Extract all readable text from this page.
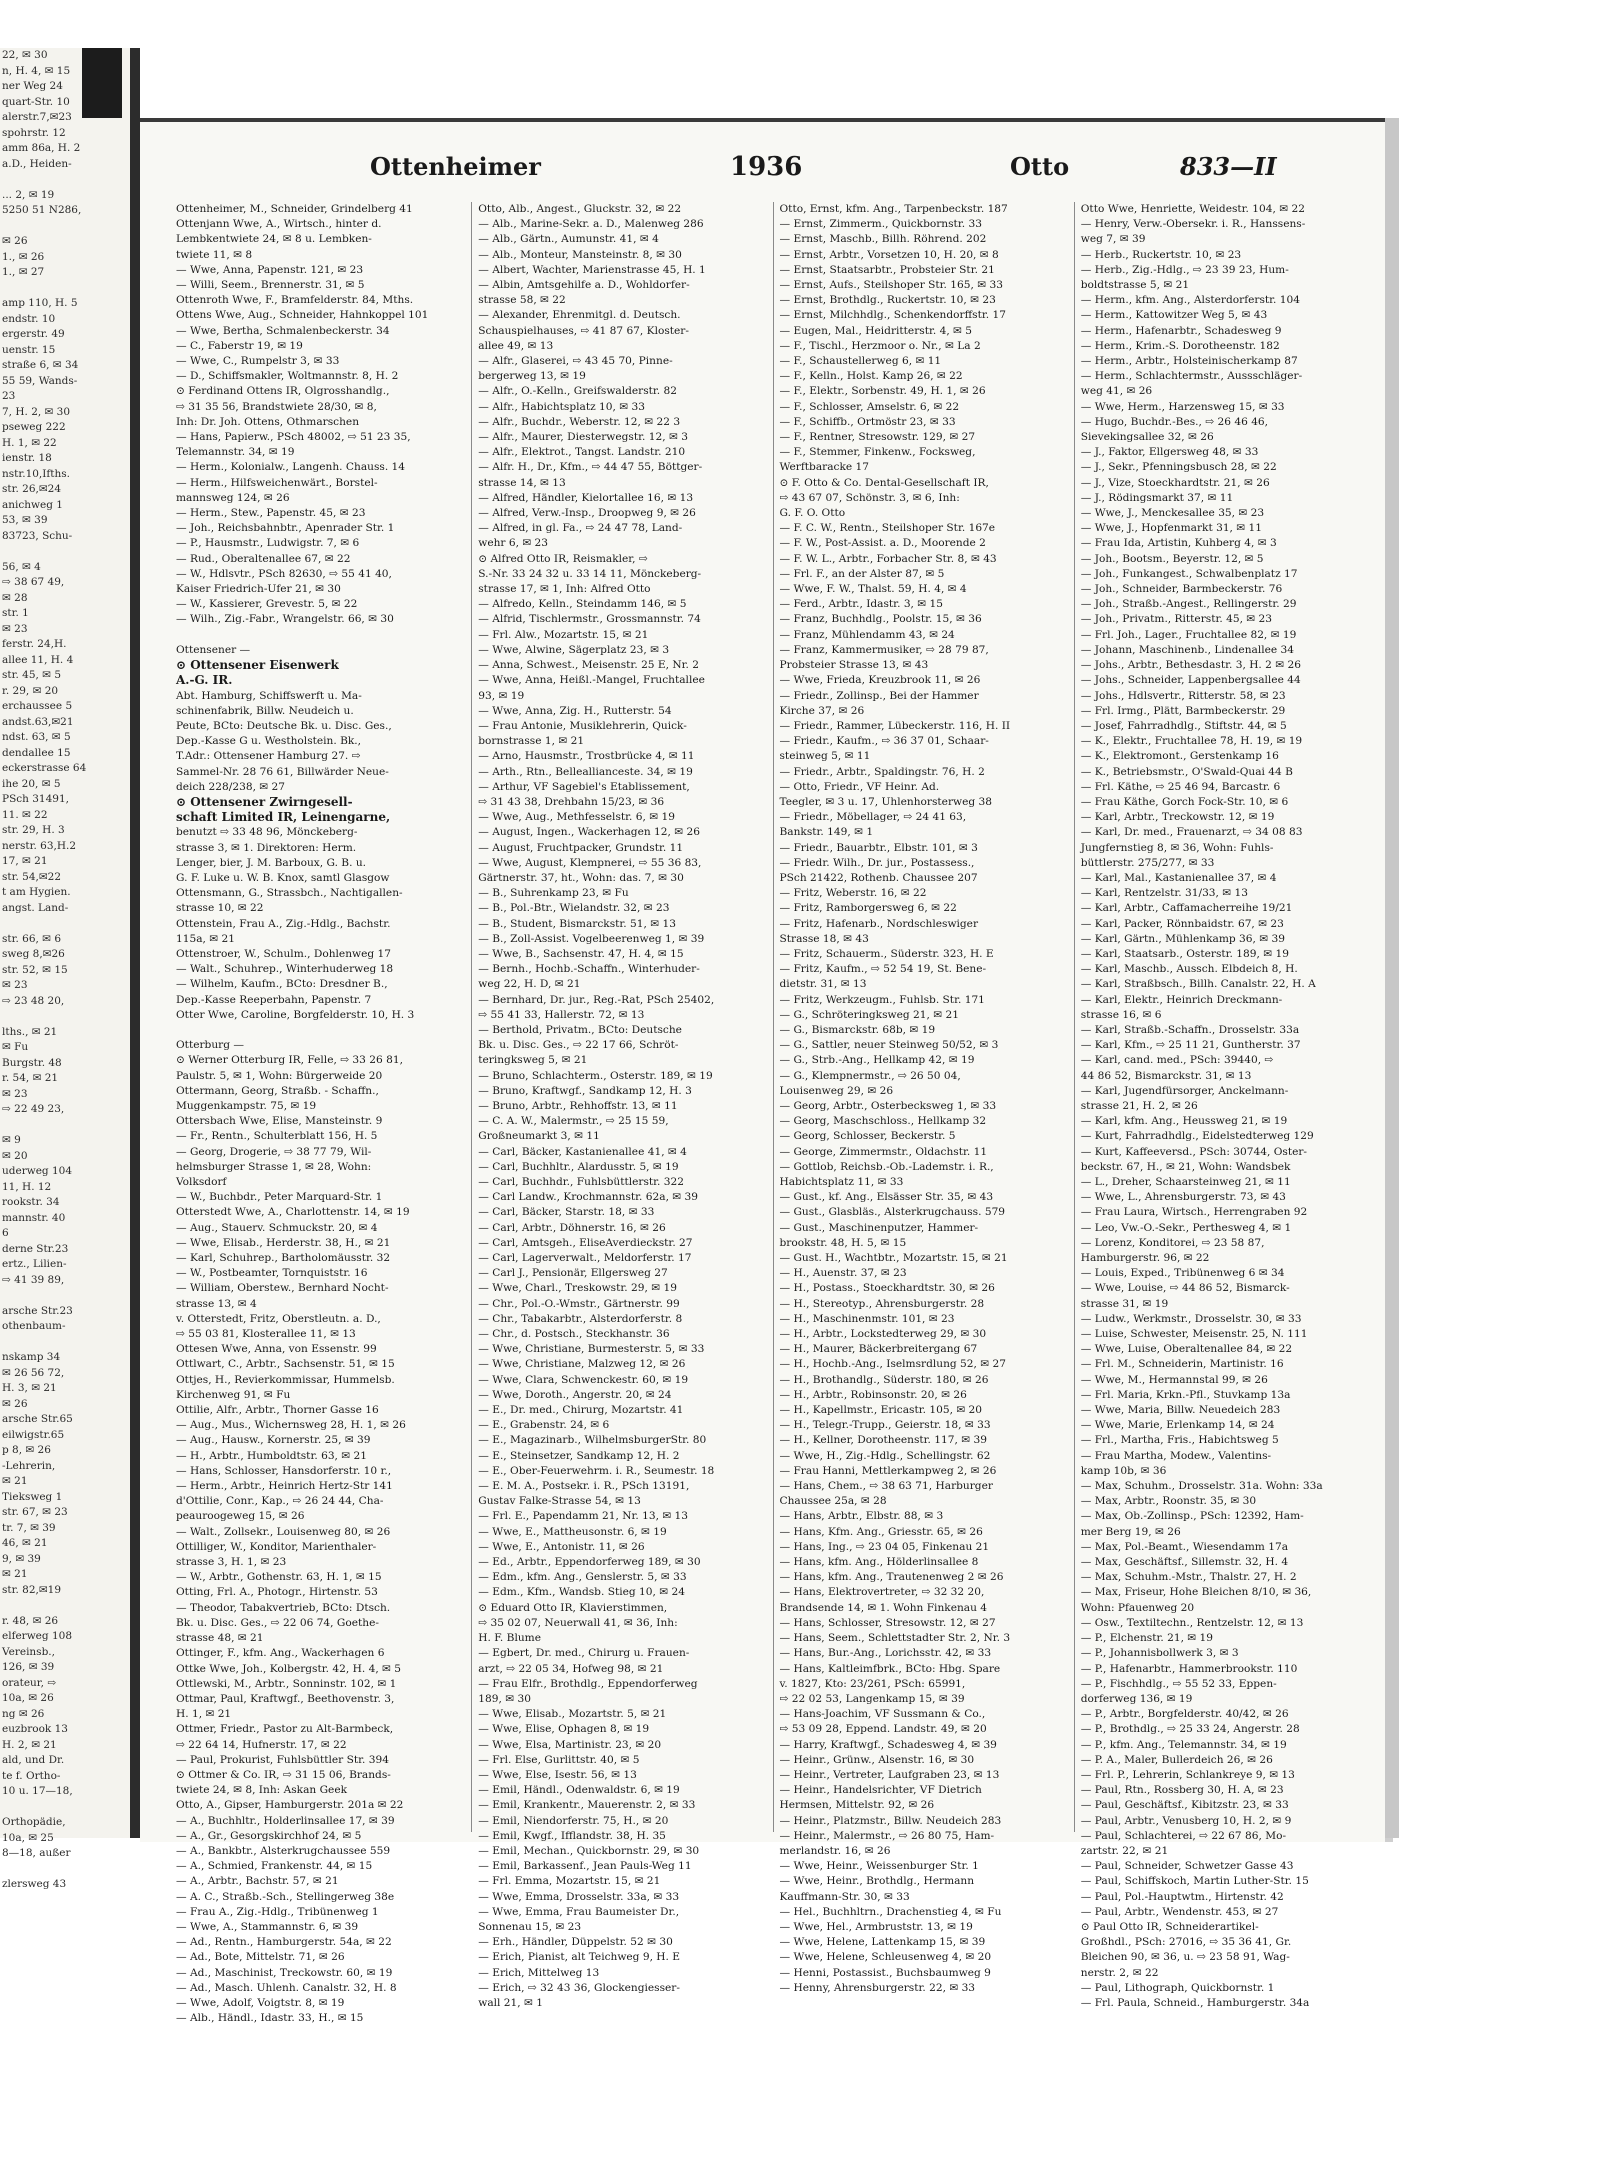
22, ✉ 30
n, H. 4, ✉ 15
ner Weg 24
quart-Str. 10
alerstr.7,✉23
spohrstr. 12
amm 86a, H. 2
a.D., Heiden-

... 2, ✉ 19
5250 51 N286,

✉ 26
1., ✉ 26
1., ✉ 27

amp 110, H. 5
endstr. 10
ergerstr. 49
uenstr. 15
straße 6, ✉ 34
55 59, Wands-
23
7, H. 2, ✉ 30
pseweg 222
H. 1, ✉ 22
ienstr. 18
nstr.10,Ifths.
str. 26,✉24
anichweg 1
53, ✉ 39
83723, Schu-

56, ✉ 4
⇨ 38 67 49,
✉ 28
str. 1
✉ 23
ferstr. 24,H.
allee 11, H. 4
str. 45, ✉ 5
r. 29, ✉ 20
erchaussee 5
andst.63,✉21
ndst. 63, ✉ 5
dendallee 15
eckerstrasse 64
ihe 20, ✉ 5
PSch 31491,
11. ✉ 22
str. 29, H. 3
nerstr. 63,H.2
17, ✉ 21
str. 54,✉22
t am Hygien.
angst. Land-

str. 66, ✉ 6
sweg 8,✉26
str. 52, ✉ 15
✉ 23
⇨ 23 48 20,

lths., ✉ 21
✉ Fu
Burgstr. 48
r. 54, ✉ 21
✉ 23
⇨ 22 49 23,

✉ 9
✉ 20
uderweg 104
11, H. 12
rookstr. 34
mannstr. 40
6
derne Str.23
ertz., Lilien-
⇨ 41 39 89,

arsche Str.23
othenbaum-

nskamp 34
✉ 26 56 72,
H. 3, ✉ 21
✉ 26
arsche Str.65
eilwigstr.65
p 8, ✉ 26
-Lehrerin,
✉ 21
Tieksweg 1
str. 67, ✉ 23
tr. 7, ✉ 39
46, ✉ 21
9, ✉ 39
✉ 21
str. 82,✉19

r. 48, ✉ 26
elferweg 108
Vereinsb.,
126, ✉ 39
orateur, ⇨
10a, ✉ 26
ng ✉ 26
euzbrook 13
H. 2, ✉ 21
ald, und Dr.
te f. Ortho-
10 u. 17—18,

Orthopädie,
10a, ✉ 25
8—18, außer

zlersweg 43
Ottenheimer	1936	Otto	833—II
Ottenheimer, M., Schneider, Grindelberg 41
Ottenjann Wwe, A., Wirtsch., hinter d.
Lembkentwiete 24, ✉ 8 u. Lembken-
twiete 11, ✉ 8
— Wwe, Anna, Papenstr. 121, ✉ 23
— Willi, Seem., Brennerstr. 31, ✉ 5
Ottenroth Wwe, F., Bramfelderstr. 84, Mths.
Ottens Wwe, Aug., Schneider, Hahnkoppel 101
— Wwe, Bertha, Schmalenbeckerstr. 34
— C., Faberstr 19, ✉ 19
— Wwe, C., Rumpelstr 3, ✉ 33
— D., Schiffsmakler, Woltmannstr. 8, H. 2
⊙ Ferdinand Ottens IR, Olgrosshandlg.,
⇨ 31 35 56, Brandstwiete 28/30, ✉ 8,
Inh: Dr. Joh. Ottens, Othmarschen
— Hans, Papierw., PSch 48002, ⇨ 51 23 35,
Telemannstr. 34, ✉ 19
— Herm., Kolonialw., Langenh. Chauss. 14
— Herm., Hilfsweichenwärt., Borstel-
mannsweg 124, ✉ 26
— Herm., Stew., Papenstr. 45, ✉ 23
— Joh., Reichsbahnbtr., Apenrader Str. 1
— P., Hausmstr., Ludwigstr. 7, ✉ 6
— Rud., Oberaltenallee 67, ✉ 22
— W., Hdlsvtr., PSch 82630, ⇨ 55 41 40,
Kaiser Friedrich-Ufer 21, ✉ 30
— W., Kassierer, Grevestr. 5, ✉ 22
— Wilh., Zig.-Fabr., Wrangelstr. 66, ✉ 30

Ottensener —
⊙ Ottensener Eisenwerk
A.-G. IR.
Abt. Hamburg, Schiffswerft u. Ma-
schinenfabrik, Billw. Neudeich u.
Peute, BCto: Deutsche Bk. u. Disc. Ges.,
Dep.-Kasse G u. Westholstein. Bk.,
T.Adr.: Ottensener Hamburg 27. ⇨
Sammel-Nr. 28 76 61, Billwärder Neue-
deich 228/238, ✉ 27
⊙ Ottensener Zwirngesell-
schaft Limited IR, Leinengarne,
benutzt ⇨ 33 48 96, Mönckeberg-
strasse 3, ✉ 1. Direktoren: Herm.
Lenger, bier, J. M. Barboux, G. B. u.
G. F. Luke u. W. B. Knox, samtl Glasgow
Ottensmann, G., Strassbch., Nachtigallen-
strasse 10, ✉ 22
Ottenstein, Frau A., Zig.-Hdlg., Bachstr.
115a, ✉ 21
Ottenstroer, W., Schulm., Dohlenweg 17
— Walt., Schuhrep., Winterhuderweg 18
— Wilhelm, Kaufm., BCto: Dresdner B.,
Dep.-Kasse Reeperbahn, Papenstr. 7
Otter Wwe, Caroline, Borgfelderstr. 10, H. 3

Otterburg —
⊙ Werner Otterburg IR, Felle, ⇨ 33 26 81,
Paulstr. 5, ✉ 1, Wohn: Bürgerweide 20
Ottermann, Georg, Straßb. - Schaffn.,
Muggenkampstr. 75, ✉ 19
Ottersbach Wwe, Elise, Mansteinstr. 9
— Fr., Rentn., Schulterblatt 156, H. 5
— Georg, Drogerie, ⇨ 38 77 79, Wil-
helmsburger Strasse 1, ✉ 28, Wohn:
Volksdorf
— W., Buchbdr., Peter Marquard-Str. 1
Otterstedt Wwe, A., Charlottenstr. 14, ✉ 19
— Aug., Stauerv. Schmuckstr. 20, ✉ 4
— Wwe, Elisab., Herderstr. 38, H., ✉ 21
— Karl, Schuhrep., Bartholomäusstr. 32
— W., Postbeamter, Tornquiststr. 16
— William, Oberstew., Bernhard Nocht-
strasse 13, ✉ 4
v. Otterstedt, Fritz, Oberstleutn. a. D.,
⇨ 55 03 81, Klosterallee 11, ✉ 13
Ottesen Wwe, Anna, von Essenstr. 99
Ottlwart, C., Arbtr., Sachsenstr. 51, ✉ 15
Ottjes, H., Revierkommissar, Hummelsb.
Kirchenweg 91, ✉ Fu
Ottilie, Alfr., Arbtr., Thorner Gasse 16
— Aug., Mus., Wichernsweg 28, H. 1, ✉ 26
— Aug., Hausw., Kornerstr. 25, ✉ 39
— H., Arbtr., Humboldtstr. 63, ✉ 21
— Hans, Schlosser, Hansdorferstr. 10 r.,
— Herm., Arbtr., Heinrich Hertz-Str 141
d'Ottilie, Conr., Kap., ⇨ 26 24 44, Cha-
peauroogeweg 15, ✉ 26
— Walt., Zollsekr., Louisenweg 80, ✉ 26
Ottilliger, W., Konditor, Marienthaler-
strasse 3, H. 1, ✉ 23
— W., Arbtr., Gothenstr. 63, H. 1, ✉ 15
Otting, Frl. A., Photogr., Hirtenstr. 53
— Theodor, Tabakvertrieb, BCto: Dtsch.
Bk. u. Disc. Ges., ⇨ 22 06 74, Goethe-
strasse 48, ✉ 21
Ottinger, F., kfm. Ang., Wackerhagen 6
Ottke Wwe, Joh., Kolbergstr. 42, H. 4, ✉ 5
Ottlewski, M., Arbtr., Sonninstr. 102, ✉ 1
Ottmar, Paul, Kraftwgf., Beethovenstr. 3,
H. 1, ✉ 21
Ottmer, Friedr., Pastor zu Alt-Barmbeck,
⇨ 22 64 14, Hufnerstr. 17, ✉ 22
— Paul, Prokurist, Fuhlsbüttler Str. 394
⊙ Ottmer & Co. IR, ⇨ 31 15 06, Brands-
twiete 24, ✉ 8, Inh: Askan Geek
Otto, A., Gipser, Hamburgerstr. 201a ✉ 22
— A., Buchhltr., Holderlinsallee 17, ✉ 39
— A., Gr., Gesorgskirchhof 24, ✉ 5
— A., Bankbtr., Alsterkrugchaussee 559
— A., Schmied, Frankenstr. 44, ✉ 15
— A., Arbtr., Bachstr. 57, ✉ 21
— A. C., Straßb.-Sch., Stellingerweg 38e
— Frau A., Zig.-Hdlg., Tribünenweg 1
— Wwe, A., Stammannstr. 6, ✉ 39
— Ad., Rentn., Hamburgerstr. 54a, ✉ 22
— Ad., Bote, Mittelstr. 71, ✉ 26
— Ad., Maschinist, Treckowstr. 60, ✉ 19
— Ad., Masch. Uhlenh. Canalstr. 32, H. 8
— Wwe, Adolf, Voigtstr. 8, ✉ 19
— Alb., Händl., Idastr. 33, H., ✉ 15
Otto, Alb., Angest., Gluckstr. 32, ✉ 22
— Alb., Marine-Sekr. a. D., Malenweg 286
— Alb., Gärtn., Aumunstr. 41, ✉ 4
— Alb., Monteur, Mansteinstr. 8, ✉ 30
— Albert, Wachter, Marienstrasse 45, H. 1
— Albin, Amtsgehilfe a. D., Wohldorfer-
strasse 58, ✉ 22
— Alexander, Ehrenmitgl. d. Deutsch.
Schauspielhauses, ⇨ 41 87 67, Kloster-
allee 49, ✉ 13
— Alfr., Glaserei, ⇨ 43 45 70, Pinne-
bergerweg 13, ✉ 19
— Alfr., O.-Kelln., Greifswalderstr. 82
— Alfr., Habichtsplatz 10, ✉ 33
— Alfr., Buchdr., Weberstr. 12, ✉ 22 3
— Alfr., Maurer, Diesterwegstr. 12, ✉ 3
— Alfr., Elektrot., Tangst. Landstr. 210
— Alfr. H., Dr., Kfm., ⇨ 44 47 55, Böttger-
strasse 14, ✉ 13
— Alfred, Händler, Kielortallee 16, ✉ 13
— Alfred, Verw.-Insp., Droopweg 9, ✉ 26
— Alfred, in gl. Fa., ⇨ 24 47 78, Land-
wehr 6, ✉ 23
⊙ Alfred Otto IR, Reismakler, ⇨
S.-Nr. 33 24 32 u. 33 14 11, Mönckeberg-
strasse 17, ✉ 1, Inh: Alfred Otto
— Alfredo, Kelln., Steindamm 146, ✉ 5
— Alfrid, Tischlermstr., Grossmannstr. 74
— Frl. Alw., Mozartstr. 15, ✉ 21
— Wwe, Alwine, Sägerplatz 23, ✉ 3
— Anna, Schwest., Meisenstr. 25 E, Nr. 2
— Wwe, Anna, Heißl.-Mangel, Fruchtallee
93, ✉ 19
— Wwe, Anna, Zig. H., Rutterstr. 54
— Frau Antonie, Musiklehrerin, Quick-
bornstrasse 1, ✉ 21
— Arno, Hausmstr., Trostbrücke 4, ✉ 11
— Arth., Rtn., Belleallianceste. 34, ✉ 19
— Arthur, VF Sagebiel's Etablissement,
⇨ 31 43 38, Drehbahn 15/23, ✉ 36
— Wwe, Aug., Methfesselstr. 6, ✉ 19
— August, Ingen., Wackerhagen 12, ✉ 26
— August, Fruchtpacker, Grundstr. 11
— Wwe, August, Klempnerei, ⇨ 55 36 83,
Gärtnerstr. 37, ht., Wohn: das. 7, ✉ 30
— B., Suhrenkamp 23, ✉ Fu
— B., Pol.-Btr., Wielandstr. 32, ✉ 23
— B., Student, Bismarckstr. 51, ✉ 13
— B., Zoll-Assist. Vogelbeerenweg 1, ✉ 39
— Wwe, B., Sachsenstr. 47, H. 4, ✉ 15
— Bernh., Hochb.-Schaffn., Winterhuder-
weg 22, H. D, ✉ 21
— Bernhard, Dr. jur., Reg.-Rat, PSch 25402,
⇨ 55 41 33, Hallerstr. 72, ✉ 13
— Berthold, Privatm., BCto: Deutsche
Bk. u. Disc. Ges., ⇨ 22 17 66, Schröt-
teringksweg 5, ✉ 21
— Bruno, Schlachterm., Osterstr. 189, ✉ 19
— Bruno, Kraftwgf., Sandkamp 12, H. 3
— Bruno, Arbtr., Rehhoffstr. 13, ✉ 11
— C. A. W., Malermstr., ⇨ 25 15 59,
Großneumarkt 3, ✉ 11
— Carl, Bäcker, Kastanienallee 41, ✉ 4
— Carl, Buchhltr., Alardusstr. 5, ✉ 19
— Carl, Buchhdr., Fuhlsbüttlerstr. 322
— Carl Landw., Krochmannstr. 62a, ✉ 39
— Carl, Bäcker, Starstr. 18, ✉ 33
— Carl, Arbtr., Döhnerstr. 16, ✉ 26
— Carl, Amtsgeh., EliseAverdieckstr. 27
— Carl, Lagerverwalt., Meldorferstr. 17
— Carl J., Pensionär, Ellgersweg 27
— Wwe, Charl., Treskowstr. 29, ✉ 19
— Chr., Pol.-O.-Wmstr., Gärtnerstr. 99
— Chr., Tabakarbtr., Alsterdorferstr. 8
— Chr., d. Postsch., Steckhanstr. 36
— Wwe, Christiane, Burmesterstr. 5, ✉ 33
— Wwe, Christiane, Malzweg 12, ✉ 26
— Wwe, Clara, Schwenckestr. 60, ✉ 19
— Wwe, Doroth., Angerstr. 20, ✉ 24
— E., Dr. med., Chirurg, Mozartstr. 41
— E., Grabenstr. 24, ✉ 6
— E., Magazinarb., WilhelmsburgerStr. 80
— E., Steinsetzer, Sandkamp 12, H. 2
— E., Ober-Feuerwehrm. i. R., Seumestr. 18
— E. M. A., Postsekr. i. R., PSch 13191,
Gustav Falke-Strasse 54, ✉ 13
— Frl. E., Papendamm 21, Nr. 13, ✉ 13
— Wwe, E., Mattheusonstr. 6, ✉ 19
— Wwe, E., Antonistr. 11, ✉ 26
— Ed., Arbtr., Eppendorferweg 189, ✉ 30
— Edm., kfm. Ang., Genslerstr. 5, ✉ 33
— Edm., Kfm., Wandsb. Stieg 10, ✉ 24
⊙ Eduard Otto IR, Klavierstimmen,
⇨ 35 02 07, Neuerwall 41, ✉ 36, Inh:
H. F. Blume
— Egbert, Dr. med., Chirurg u. Frauen-
arzt, ⇨ 22 05 34, Hofweg 98, ✉ 21
— Frau Elfr., Brothdlg., Eppendorferweg
189, ✉ 30
— Wwe, Elisab., Mozartstr. 5, ✉ 21
— Wwe, Elise, Ophagen 8, ✉ 19
— Wwe, Elsa, Martinistr. 23, ✉ 20
— Frl. Else, Gurlittstr. 40, ✉ 5
— Wwe, Else, Isestr. 56, ✉ 13
— Emil, Händl., Odenwaldstr. 6, ✉ 19
— Emil, Krankentr., Mauerenstr. 2, ✉ 33
— Emil, Niendorferstr. 75, H., ✉ 20
— Emil, Kwgf., Ifflandstr. 38, H. 35
— Emil, Mechan., Quickbornstr. 29, ✉ 30
— Emil, Barkassenf., Jean Pauls-Weg 11
— Frl. Emma, Mozartstr. 15, ✉ 21
— Wwe, Emma, Drosselstr. 33a, ✉ 33
— Wwe, Emma, Frau Baumeister Dr.,
Sonnenau 15, ✉ 23
— Erh., Händler, Düppelstr. 52 ✉ 30
— Erich, Pianist, alt Teichweg 9, H. E
— Erich, Mittelweg 13
— Erich, ⇨ 32 43 36, Glockengiesser-
wall 21, ✉ 1
Otto, Ernst, kfm. Ang., Tarpenbeckstr. 187
— Ernst, Zimmerm., Quickbornstr. 33
— Ernst, Maschb., Billh. Röhrend. 202
— Ernst, Arbtr., Vorsetzen 10, H. 20, ✉ 8
— Ernst, Staatsarbtr., Probsteier Str. 21
— Ernst, Aufs., Steilshoper Str. 165, ✉ 33
— Ernst, Brothdlg., Ruckertstr. 10, ✉ 23
— Ernst, Milchhdlg., Schenkendorffstr. 17
— Eugen, Mal., Heidritterstr. 4, ✉ 5
— F., Tischl., Herzmoor o. Nr., ✉ La 2
— F., Schaustellerweg 6, ✉ 11
— F., Kelln., Holst. Kamp 26, ✉ 22
— F., Elektr., Sorbenstr. 49, H. 1, ✉ 26
— F., Schlosser, Amselstr. 6, ✉ 22
— F., Schiffb., Ortmöstr 23, ✉ 33
— F., Rentner, Stresowstr. 129, ✉ 27
— F., Stemmer, Finkenw., Focksweg,
Werftbaracke 17
⊙ F. Otto & Co. Dental-Gesellschaft IR,
⇨ 43 67 07, Schönstr. 3, ✉ 6, Inh:
G. F. O. Otto
— F. C. W., Rentn., Steilshoper Str. 167e
— F. W., Post-Assist. a. D., Moorende 2
— F. W. L., Arbtr., Forbacher Str. 8, ✉ 43
— Frl. F., an der Alster 87, ✉ 5
— Wwe, F. W., Thalst. 59, H. 4, ✉ 4
— Ferd., Arbtr., Idastr. 3, ✉ 15
— Franz, Buchhdlg., Poolstr. 15, ✉ 36
— Franz, Mühlendamm 43, ✉ 24
— Franz, Kammermusiker, ⇨ 28 79 87,
Probsteier Strasse 13, ✉ 43
— Wwe, Frieda, Kreuzbrook 11, ✉ 26
— Friedr., Zollinsp., Bei der Hammer
Kirche 37, ✉ 26
— Friedr., Rammer, Lübeckerstr. 116, H. II
— Friedr., Kaufm., ⇨ 36 37 01, Schaar-
steinweg 5, ✉ 11
— Friedr., Arbtr., Spaldingstr. 76, H. 2
— Otto, Friedr., VF Heinr. Ad.
Teegler, ✉ 3 u. 17, Uhlenhorsterweg 38
— Friedr., Möbellager, ⇨ 24 41 63,
Bankstr. 149, ✉ 1
— Friedr., Bauarbtr., Elbstr. 101, ✉ 3
— Friedr. Wilh., Dr. jur., Postassess.,
PSch 21422, Rothenb. Chaussee 207
— Fritz, Weberstr. 16, ✉ 22
— Fritz, Ramborgersweg 6, ✉ 22
— Fritz, Hafenarb., Nordschleswiger
Strasse 18, ✉ 43
— Fritz, Schauerm., Süderstr. 323, H. E
— Fritz, Kaufm., ⇨ 52 54 19, St. Bene-
dietstr. 31, ✉ 13
— Fritz, Werkzeugm., Fuhlsb. Str. 171
— G., Schröteringksweg 21, ✉ 21
— G., Bismarckstr. 68b, ✉ 19
— G., Sattler, neuer Steinweg 50/52, ✉ 3
— G., Strb.-Ang., Hellkamp 42, ✉ 19
— G., Klempnermstr., ⇨ 26 50 04,
Louisenweg 29, ✉ 26
— Georg, Arbtr., Osterbecksweg 1, ✉ 33
— Georg, Maschschloss., Hellkamp 32
— Georg, Schlosser, Beckerstr. 5
— George, Zimmermstr., Oldachstr. 11
— Gottlob, Reichsb.-Ob.-Lademstr. i. R.,
Habichtsplatz 11, ✉ 33
— Gust., kf. Ang., Elsässer Str. 35, ✉ 43
— Gust., Glasbläs., Alsterkrugchauss. 579
— Gust., Maschinenputzer, Hammer-
brookstr. 48, H. 5, ✉ 15
— Gust. H., Wachtbtr., Mozartstr. 15, ✉ 21
— H., Auenstr. 37, ✉ 23
— H., Postass., Stoeckhardtstr. 30, ✉ 26
— H., Stereotyp., Ahrensburgerstr. 28
— H., Maschinenmstr. 101, ✉ 23
— H., Arbtr., Lockstedterweg 29, ✉ 30
— H., Maurer, Bäckerbreitergang 67
— H., Hochb.-Ang., Iselmsrdlung 52, ✉ 27
— H., Brothandlg., Süderstr. 180, ✉ 26
— H., Arbtr., Robinsonstr. 20, ✉ 26
— H., Kapellmstr., Ericastr. 105, ✉ 20
— H., Telegr.-Trupp., Geierstr. 18, ✉ 33
— H., Kellner, Dorotheenstr. 117, ✉ 39
— Wwe, H., Zig.-Hdlg., Schellingstr. 62
— Frau Hanni, Mettlerkampweg 2, ✉ 26
— Hans, Chem., ⇨ 38 63 71, Harburger
Chaussee 25a, ✉ 28
— Hans, Arbtr., Elbstr. 88, ✉ 3
— Hans, Kfm. Ang., Griesstr. 65, ✉ 26
— Hans, Ing., ⇨ 23 04 05, Finkenau 21
— Hans, kfm. Ang., Hölderlinsallee 8
— Hans, kfm. Ang., Trautenenweg 2 ✉ 26
— Hans, Elektrovertreter, ⇨ 32 32 20,
Brandsende 14, ✉ 1. Wohn Finkenau 4
— Hans, Schlosser, Stresowstr. 12, ✉ 27
— Hans, Seem., Schlettstadter Str. 2, Nr. 3
— Hans, Bur.-Ang., Lorichsstr. 42, ✉ 33
— Hans, Kaltleimfbrk., BCto: Hbg. Spare
v. 1827, Kto: 23/261, PSch: 65991,
⇨ 22 02 53, Langenkamp 15, ✉ 39
— Hans-Joachim, VF Sussmann & Co.,
⇨ 53 09 28, Eppend. Landstr. 49, ✉ 20
— Harry, Kraftwgf., Schadesweg 4, ✉ 39
— Heinr., Grünw., Alsenstr. 16, ✉ 30
— Heinr., Vertreter, Laufgraben 23, ✉ 13
— Heinr., Handelsrichter, VF Dietrich
Hermsen, Mittelstr. 92, ✉ 26
— Heinr., Platzmstr., Billw. Neudeich 283
— Heinr., Malermstr., ⇨ 26 80 75, Ham-
merlandstr. 16, ✉ 26
— Wwe, Heinr., Weissenburger Str. 1
— Wwe, Heinr., Brothdlg., Hermann
Kauffmann-Str. 30, ✉ 33
— Hel., Buchhltrn., Drachenstieg 4, ✉ Fu
— Wwe, Hel., Armbruststr. 13, ✉ 19
— Wwe, Helene, Lattenkamp 15, ✉ 39
— Wwe, Helene, Schleusenweg 4, ✉ 20
— Henni, Postassist., Buchsbaumweg 9
— Henny, Ahrensburgerstr. 22, ✉ 33
Otto Wwe, Henriette, Weidestr. 104, ✉ 22
— Henry, Verw.-Obersekr. i. R., Hanssens-
weg 7, ✉ 39
— Herb., Ruckertstr. 10, ✉ 23
— Herb., Zig.-Hdlg., ⇨ 23 39 23, Hum-
boldtstrasse 5, ✉ 21
— Herm., kfm. Ang., Alsterdorferstr. 104
— Herm., Kattowitzer Weg 5, ✉ 43
— Herm., Hafenarbtr., Schadesweg 9
— Herm., Krim.-S. Dorotheenstr. 182
— Herm., Arbtr., Holsteinischerkamp 87
— Herm., Schlachtermstr., Aussschläger-
weg 41, ✉ 26
— Wwe, Herm., Harzensweg 15, ✉ 33
— Hugo, Buchdr.-Bes., ⇨ 26 46 46,
Sievekingsallee 32, ✉ 26
— J., Faktor, Ellgersweg 48, ✉ 33
— J., Sekr., Pfenningsbusch 28, ✉ 22
— J., Vize, Stoeckhardtstr. 21, ✉ 26
— J., Rödingsmarkt 37, ✉ 11
— Wwe, J., Menckesallee 35, ✉ 23
— Wwe, J., Hopfenmarkt 31, ✉ 11
— Frau Ida, Artistin, Kuhberg 4, ✉ 3
— Joh., Bootsm., Beyerstr. 12, ✉ 5
— Joh., Funkangest., Schwalbenplatz 17
— Joh., Schneider, Barmbeckerstr. 76
— Joh., Straßb.-Angest., Rellingerstr. 29
— Joh., Privatm., Ritterstr. 45, ✉ 23
— Frl. Joh., Lager., Fruchtallee 82, ✉ 19
— Johann, Maschinenb., Lindenallee 34
— Johs., Arbtr., Bethesdastr. 3, H. 2 ✉ 26
— Johs., Schneider, Lappenbergsallee 44
— Johs., Hdlsvertr., Ritterstr. 58, ✉ 23
— Frl. Irmg., Plätt, Barmbeckerstr. 29
— Josef, Fahrradhdlg., Stiftstr. 44, ✉ 5
— K., Elektr., Fruchtallee 78, H. 19, ✉ 19
— K., Elektromont., Gerstenkamp 16
— K., Betriebsmstr., O'Swald-Quai 44 B
— Frl. Käthe, ⇨ 25 46 94, Barcastr. 6
— Frau Käthe, Gorch Fock-Str. 10, ✉ 6
— Karl, Arbtr., Treckowstr. 12, ✉ 19
— Karl, Dr. med., Frauenarzt, ⇨ 34 08 83
Jungfernstieg 8, ✉ 36, Wohn: Fuhls-
büttlerstr. 275/277, ✉ 33
— Karl, Mal., Kastanienallee 37, ✉ 4
— Karl, Rentzelstr. 31/33, ✉ 13
— Karl, Arbtr., Caffamacherreihe 19/21
— Karl, Packer, Rönnbaidstr. 67, ✉ 23
— Karl, Gärtn., Mühlenkamp 36, ✉ 39
— Karl, Staatsarb., Osterstr. 189, ✉ 19
— Karl, Maschb., Aussch. Elbdeich 8, H.
— Karl, Straßbsch., Billh. Canalstr. 22, H. A
— Karl, Elektr., Heinrich Dreckmann-
strasse 16, ✉ 6
— Karl, Straßb.-Schaffn., Drosselstr. 33a
— Karl, Kfm., ⇨ 25 11 21, Guntherstr. 37
— Karl, cand. med., PSch: 39440, ⇨
44 86 52, Bismarckstr. 31, ✉ 13
— Karl, Jugendfürsorger, Anckelmann-
strasse 21, H. 2, ✉ 26
— Karl, kfm. Ang., Heussweg 21, ✉ 19
— Kurt, Fahrradhdlg., Eidelstedterweg 129
— Kurt, Kaffeeversd., PSch: 30744, Oster-
beckstr. 67, H., ✉ 21, Wohn: Wandsbek
— L., Dreher, Schaarsteinweg 21, ✉ 11
— Wwe, L., Ahrensburgerstr. 73, ✉ 43
— Frau Laura, Wirtsch., Herrengraben 92
— Leo, Vw.-O.-Sekr., Perthesweg 4, ✉ 1
— Lorenz, Konditorei, ⇨ 23 58 87,
Hamburgerstr. 96, ✉ 22
— Louis, Exped., Tribünenweg 6 ✉ 34
— Wwe, Louise, ⇨ 44 86 52, Bismarck-
strasse 31, ✉ 19
— Ludw., Werkmstr., Drosselstr. 30, ✉ 33
— Luise, Schwester, Meisenstr. 25, N. 111
— Wwe, Luise, Oberaltenallee 84, ✉ 22
— Frl. M., Schneiderin, Martinistr. 16
— Wwe, M., Hermannstal 99, ✉ 26
— Frl. Maria, Krkn.-Pfl., Stuvkamp 13a
— Wwe, Maria, Billw. Neuedeich 283
— Wwe, Marie, Erlenkamp 14, ✉ 24
— Frl., Martha, Fris., Habichtsweg 5
— Frau Martha, Modew., Valentins-
kamp 10b, ✉ 36
— Max, Schuhm., Drosselstr. 31a. Wohn: 33a
— Max, Arbtr., Roonstr. 35, ✉ 30
— Max, Ob.-Zollinsp., PSch: 12392, Ham-
mer Berg 19, ✉ 26
— Max, Pol.-Beamt., Wiesendamm 17a
— Max, Geschäftsf., Sillemstr. 32, H. 4
— Max, Schuhm.-Mstr., Thalstr. 27, H. 2
— Max, Friseur, Hohe Bleichen 8/10, ✉ 36,
Wohn: Pfauenweg 20
— Osw., Textiltechn., Rentzelstr. 12, ✉ 13
— P., Elchenstr. 21, ✉ 19
— P., Johannisbollwerk 3, ✉ 3
— P., Hafenarbtr., Hammerbrookstr. 110
— P., Fischhdlg., ⇨ 55 52 33, Eppen-
dorferweg 136, ✉ 19
— P., Arbtr., Borgfelderstr. 40/42, ✉ 26
— P., Brothdlg., ⇨ 25 33 24, Angerstr. 28
— P., kfm. Ang., Telemannstr. 34, ✉ 19
— P. A., Maler, Bullerdeich 26, ✉ 26
— Frl. P., Lehrerin, Schlankreye 9, ✉ 13
— Paul, Rtn., Rossberg 30, H. A, ✉ 23
— Paul, Geschäftsf., Kibitzstr. 23, ✉ 33
— Paul, Arbtr., Venusberg 10, H. 2, ✉ 9
— Paul, Schlachterei, ⇨ 22 67 86, Mo-
zartstr. 22, ✉ 21
— Paul, Schneider, Schwetzer Gasse 43
— Paul, Schiffskoch, Martin Luther-Str. 15
— Paul, Pol.-Hauptwtm., Hirtenstr. 42
— Paul, Arbtr., Wendenstr. 453, ✉ 27
⊙ Paul Otto IR, Schneiderartikel-
Großhdl., PSch: 27016, ⇨ 35 36 41, Gr.
Bleichen 90, ✉ 36, u. ⇨ 23 58 91, Wag-
nerstr. 2, ✉ 22
— Paul, Lithograph, Quickbornstr. 1
— Frl. Paula, Schneid., Hamburgerstr. 34a
